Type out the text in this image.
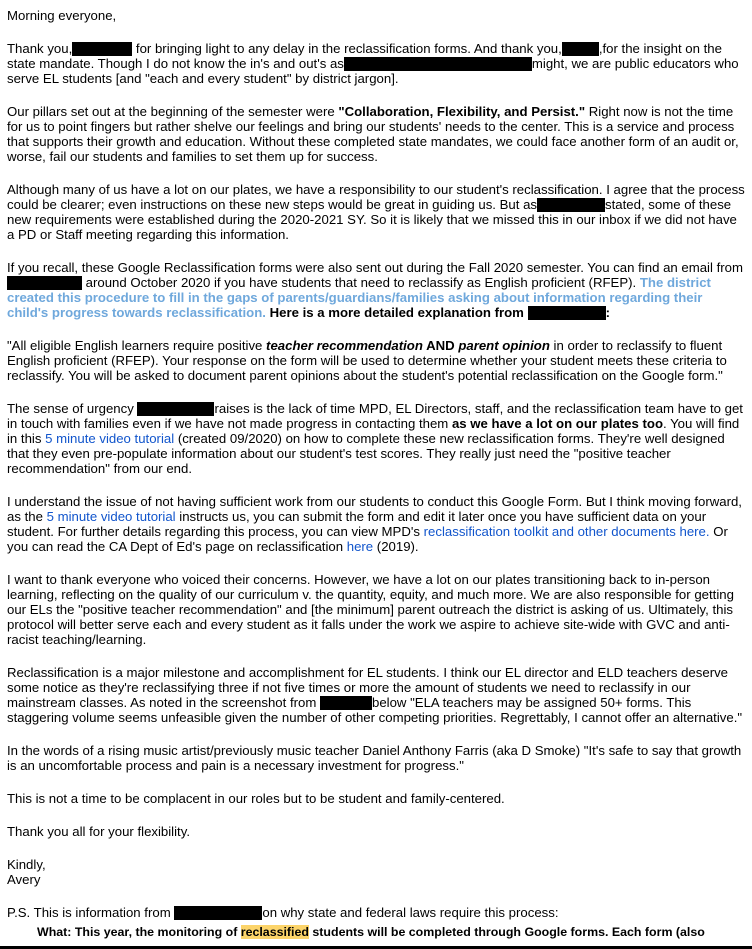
Morning everyone,

Thank you,	for bringing light to any delay in the reclassification forms. And thank you,	,for the insight on the state mandate. Though I do not know the in's and out's as	might, we are public educators who serve EL students [and "each and every student" by district jargon].

Our pillars set out at the beginning of the semester were "Collaboration, Flexibility, and Persist." Right now is not the time for us to point fingers but rather shelve our feelings and bring our students' needs to the center. This is a service and process that supports their growth and education. Without these completed state mandates, we could face another form of an audit or, worse, fail our students and families to set them up for success.

Although many of us have a lot on our plates, we have a responsibility to our student's reclassification. I agree that the process could be clearer; even instructions on these new steps would be great in guiding us. But as	stated, some of these new requirements were established during the 2020-2021 SY. So it is likely that we missed this in our inbox if we did not have a PD or Staff meeting regarding this information.

If you recall, these Google Reclassification forms were also sent out during the Fall 2020 semester. You can find an email from  around October 2020 if you have students that need to reclassify as English proficient (RFEP). The district created this procedure to fill in the gaps of parents/guardians/families asking about information regarding their child's progress towards reclassification. Here is a more detailed explanation from	:

"All eligible English learners require positive teacher recommendation AND parent opinion in order to reclassify to fluent English proficient (RFEP). Your response on the form will be used to determine whether your student meets these criteria to reclassify. You will be asked to document parent opinions about the student's potential reclassification on the Google form."

The sense of urgency	raises is the lack of time MPD, EL Directors, staff, and the reclassification team have to get in touch with families even if we have not made progress in contacting them as we have a lot on our plates too. You will find in this 5 minute video tutorial (created 09/2020) on how to complete these new reclassification forms. They're well designed that they even pre-populate information about our student's test scores. They really just need the "positive teacher recommendation" from our end.

I understand the issue of not having sufficient work from our students to conduct this Google Form. But I think moving forward, as the 5 minute video tutorial instructs us, you can submit the form and edit it later once you have sufficient data on your student. For further details regarding this process, you can view MPD's reclassification toolkit and other documents here. Or you can read the CA Dept of Ed's page on reclassification here (2019).

I want to thank everyone who voiced their concerns. However, we have a lot on our plates transitioning back to in-person learning, reflecting on the quality of our curriculum v. the quantity, equity, and much more. We are also responsible for getting our ELs the "positive teacher recommendation" and [the minimum] parent outreach the district is asking of us. Ultimately, this protocol will better serve each and every student as it falls under the work we aspire to achieve site-wide with GVC and anti-racist teaching/learning.

Reclassification is a major milestone and accomplishment for EL students. I think our EL director and ELD teachers deserve some notice as they're reclassifying three if not five times or more the amount of students we need to reclassify in our mainstream classes. As noted in the screenshot from	below "ELA teachers may be assigned 50+ forms. This staggering volume seems unfeasible given the number of other competing priorities. Regrettably, I cannot offer an alternative."

In the words of a rising music artist/previously music teacher Daniel Anthony Farris (aka D Smoke) "It's safe to say that growth is an uncomfortable process and pain is a necessary investment for progress."

This is not a time to be complacent in our roles but to be student and family-centered.

Thank you all for your flexibility.

Kindly,
Avery

P.S. This is information from	on why state and federal laws require this process:

What: This year, the monitoring of reclassified students will be completed through Google forms. Each form (also
